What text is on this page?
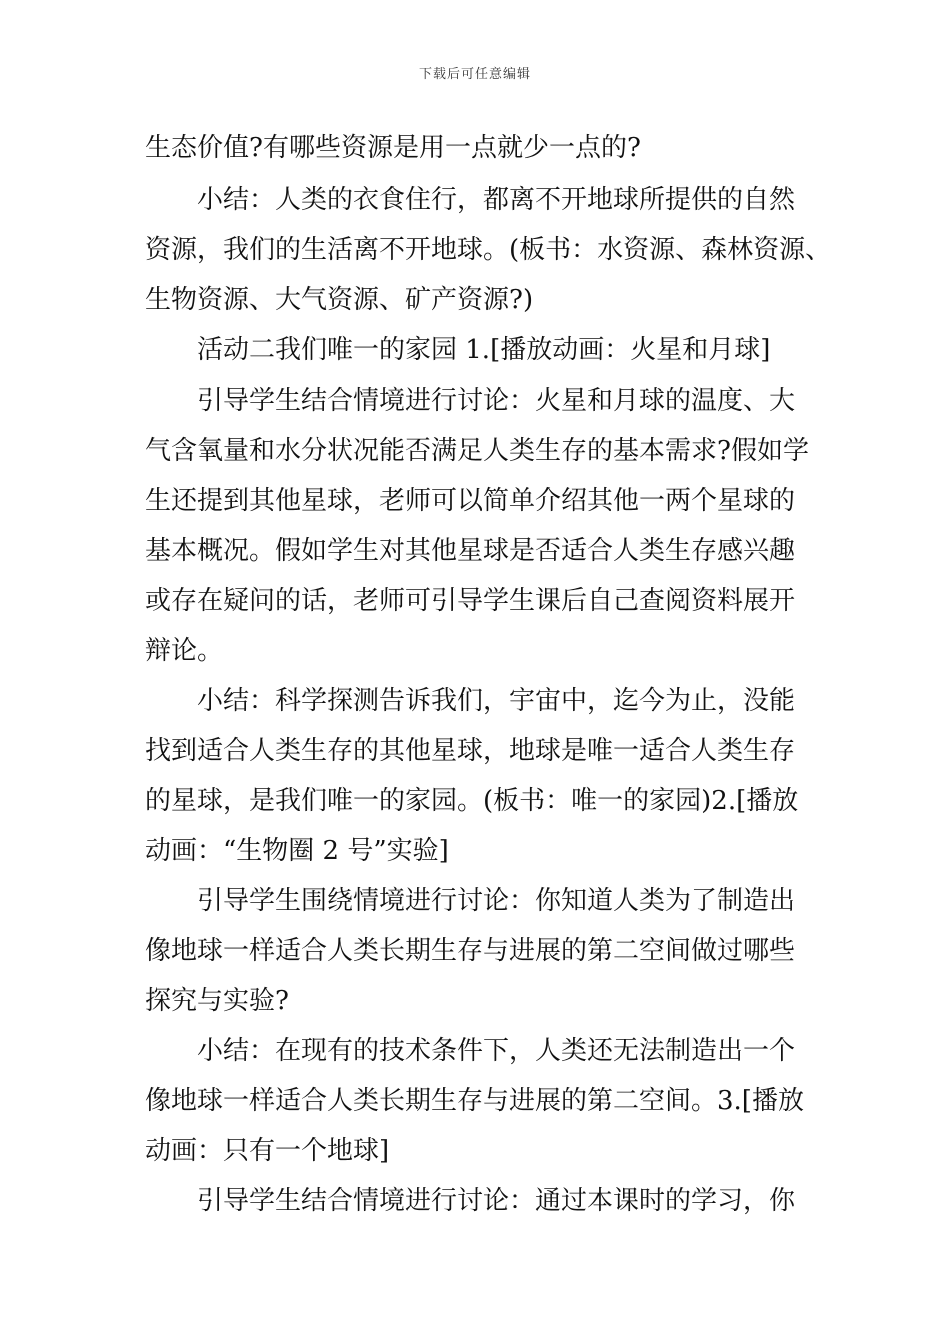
下载后可任意编辑
生态价值?有哪些资源是用一点就少一点的?
小结：人类的衣食住行，都离不开地球所提供的自然
资源，我们的生活离不开地球。(板书：水资源、森林资源、
生物资源、大气资源、矿产资源?)
活动二我们唯一的家园 1.[播放动画：火星和月球]
引导学生结合情境进行讨论：火星和月球的温度、大
气含氧量和水分状况能否满足人类生存的基本需求?假如学
生还提到其他星球，老师可以简单介绍其他一两个星球的
基本概况。假如学生对其他星球是否适合人类生存感兴趣
或存在疑问的话，老师可引导学生课后自己查阅资料展开
辩论。
小结：科学探测告诉我们，宇宙中，迄今为止，没能
找到适合人类生存的其他星球，地球是唯一适合人类生存
的星球，是我们唯一的家园。(板书：唯一的家园)2.[播放
动画：“生物圈 2 号”实验]
引导学生围绕情境进行讨论：你知道人类为了制造出
像地球一样适合人类长期生存与进展的第二空间做过哪些
探究与实验?
小结：在现有的技术条件下，人类还无法制造出一个
像地球一样适合人类长期生存与进展的第二空间。3.[播放
动画：只有一个地球]
引导学生结合情境进行讨论：通过本课时的学习，你
